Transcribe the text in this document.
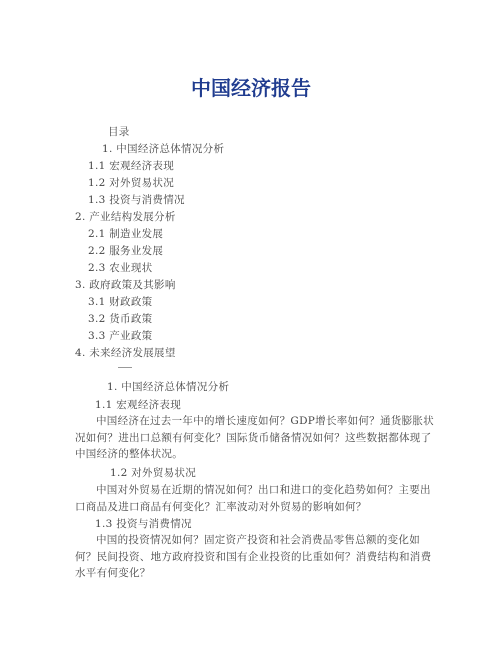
中国经济报告
目录
1. 中国经济总体情况分析
1.1 宏观经济表现
1.2 对外贸易状况
1.3 投资与消费情况
2. 产业结构发展分析
2.1 制造业发展
2.2 服务业发展
2.3 农业现状
3. 政府政策及其影响
3.1 财政政策
3.2 货币政策
3.3 产业政策
4. 未来经济发展展望
1. 中国经济总体情况分析
1.1 宏观经济表现
中国经济在过去一年中的增长速度如何？GDP增长率如何？通货膨胀状况如何？进出口总额有何变化？国际货币储备情况如何？这些数据都体现了中国经济的整体状况。
1.2 对外贸易状况
中国对外贸易在近期的情况如何？出口和进口的变化趋势如何？主要出口商品及进口商品有何变化？汇率波动对外贸易的影响如何？
1.3 投资与消费情况
中国的投资情况如何？固定资产投资和社会消费品零售总额的变化如何？民间投资、地方政府投资和国有企业投资的比重如何？消费结构和消费水平有何变化？
